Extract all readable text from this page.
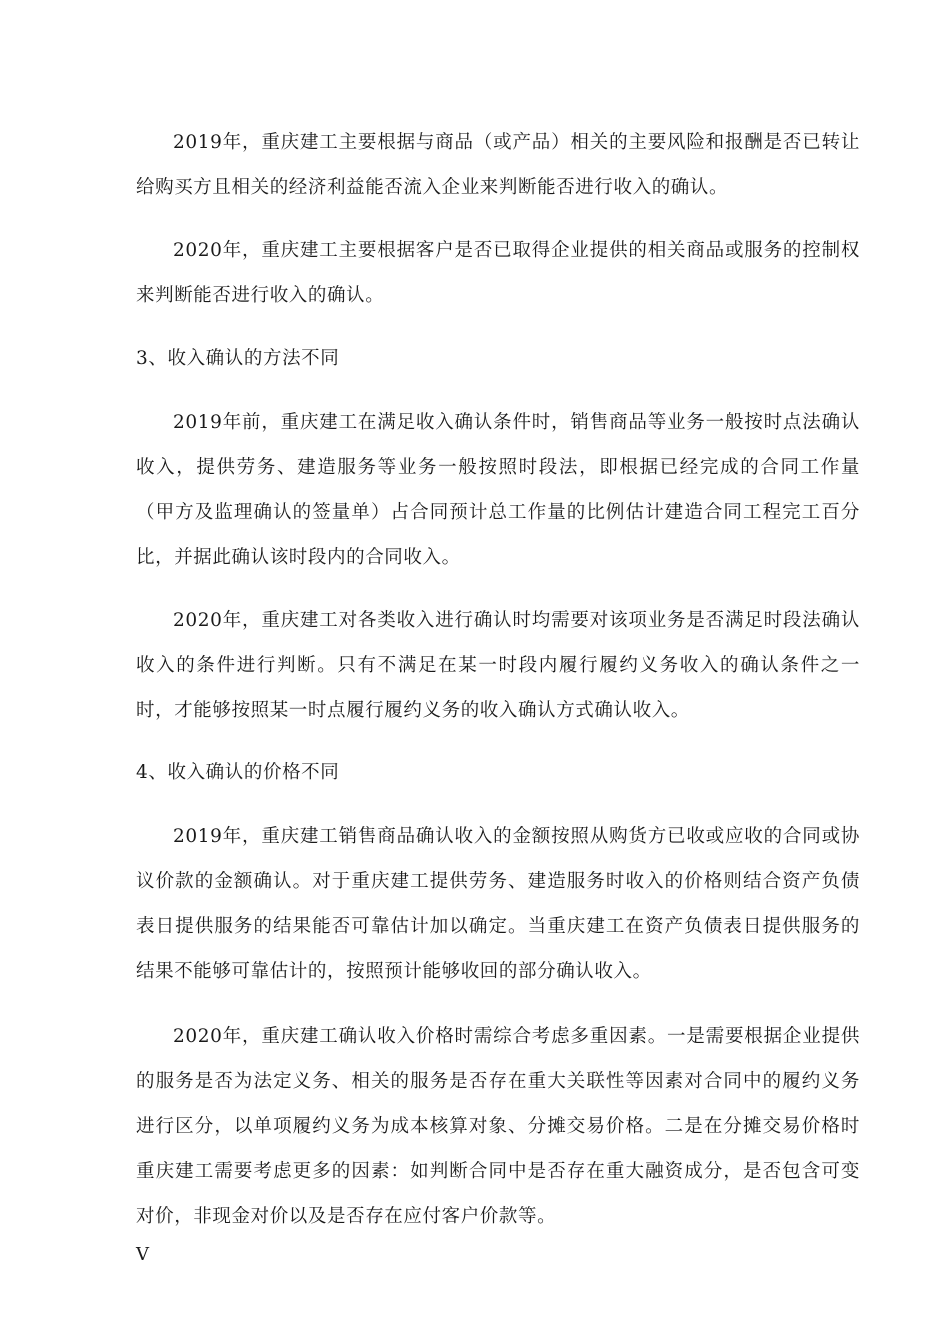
2019年，重庆建工主要根据与商品（或产品）相关的主要风险和报酬是否已转让给购买方且相关的经济利益能否流入企业来判断能否进行收入的确认。

2020年，重庆建工主要根据客户是否已取得企业提供的相关商品或服务的控制权来判断能否进行收入的确认。

3、收入确认的方法不同

2019年前，重庆建工在满足收入确认条件时，销售商品等业务一般按时点法确认收入，提供劳务、建造服务等业务一般按照时段法，即根据已经完成的合同工作量（甲方及监理确认的签量单）占合同预计总工作量的比例估计建造合同工程完工百分比，并据此确认该时段内的合同收入。

2020年，重庆建工对各类收入进行确认时均需要对该项业务是否满足时段法确认收入的条件进行判断。只有不满足在某一时段内履行履约义务收入的确认条件之一时，才能够按照某一时点履行履约义务的收入确认方式确认收入。

4、收入确认的价格不同

2019年，重庆建工销售商品确认收入的金额按照从购货方已收或应收的合同或协议价款的金额确认。对于重庆建工提供劳务、建造服务时收入的价格则结合资产负债表日提供服务的结果能否可靠估计加以确定。当重庆建工在资产负债表日提供服务的结果不能够可靠估计的，按照预计能够收回的部分确认收入。

2020年，重庆建工确认收入价格时需综合考虑多重因素。一是需要根据企业提供的服务是否为法定义务、相关的服务是否存在重大关联性等因素对合同中的履约义务进行区分，以单项履约义务为成本核算对象、分摊交易价格。二是在分摊交易价格时重庆建工需要考虑更多的因素：如判断合同中是否存在重大融资成分，是否包含可变对价，非现金对价以及是否存在应付客户价款等。

V
